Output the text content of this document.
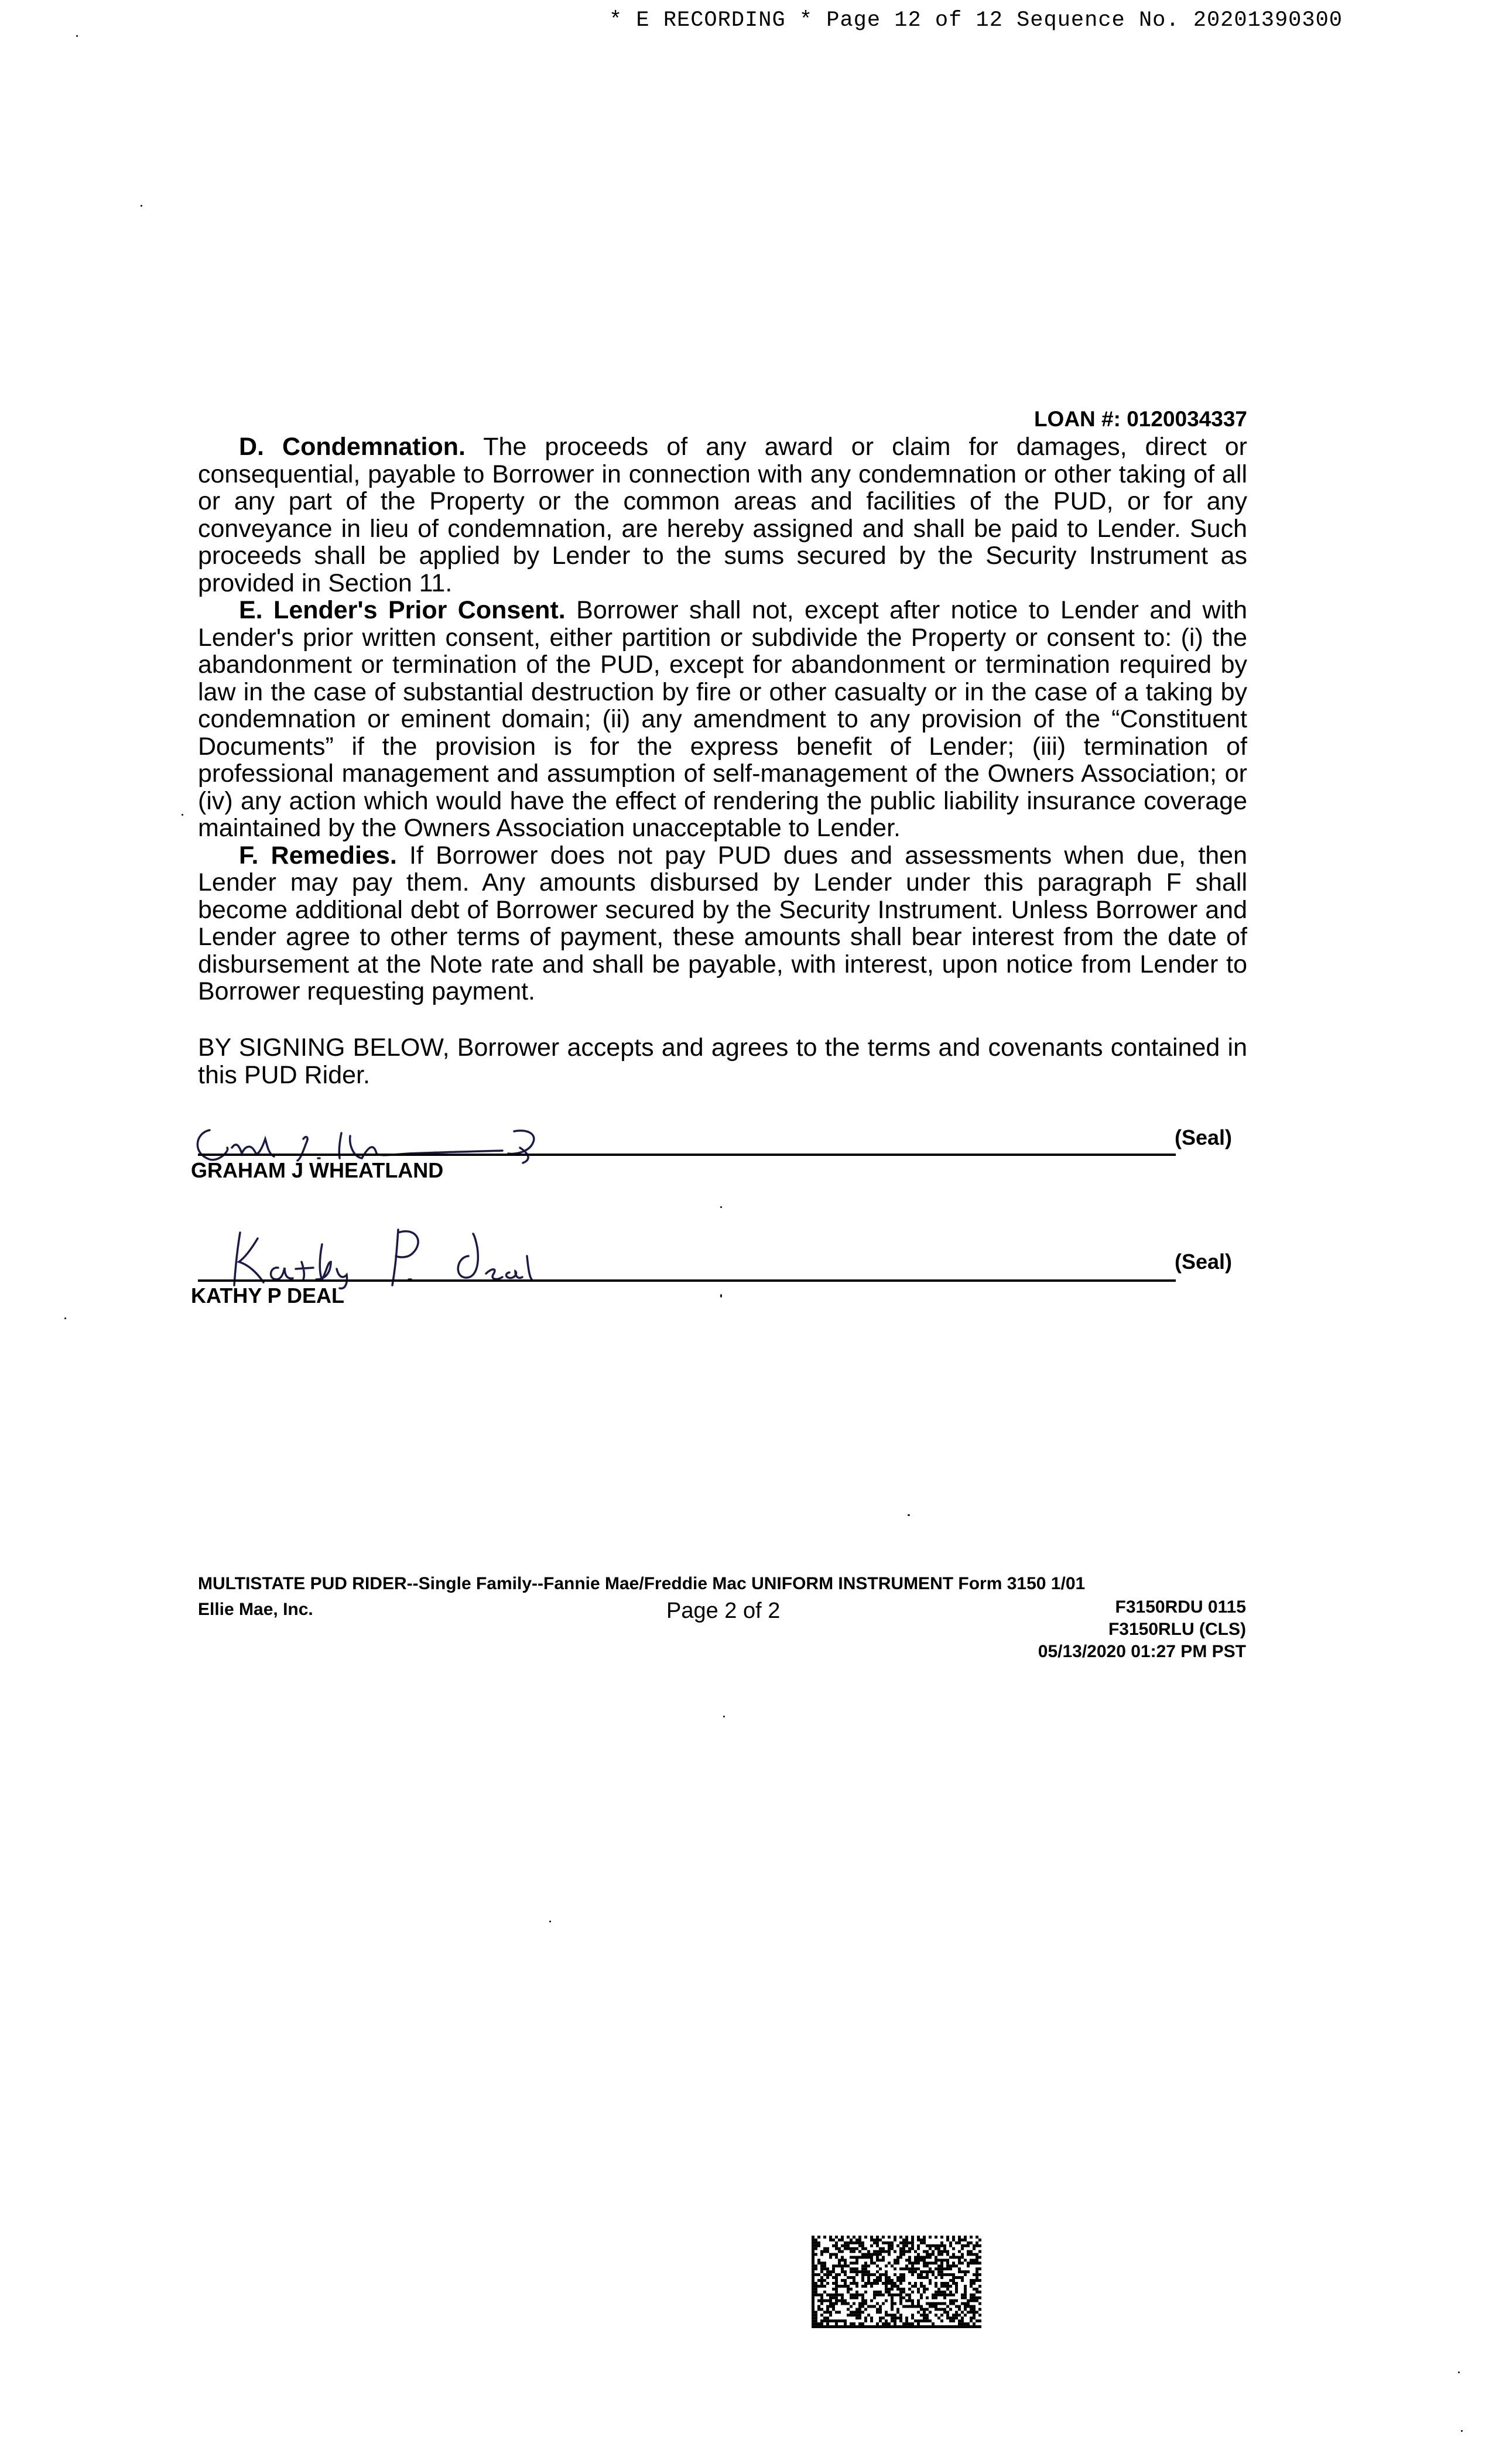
* E RECORDING * Page 12 of 12 Sequence No. 20201390300
LOAN #: 0120034337

D. Condemnation. The proceeds of any award or claim for damages, direct or consequential, payable to Borrower in connection with any condemnation or other taking of all or any part of the Property or the common areas and facilities of the PUD, or for any conveyance in lieu of condemnation, are hereby assigned and shall be paid to Lender. Such proceeds shall be applied by Lender to the sums secured by the Security Instrument as provided in Section 11.

E. Lender's Prior Consent. Borrower shall not, except after notice to Lender and with Lender's prior written consent, either partition or subdivide the Property or consent to: (i) the abandonment or termination of the PUD, except for abandonment or termination required by law in the case of substantial destruction by fire or other casualty or in the case of a taking by condemnation or eminent domain; (ii) any amendment to any provision of the “Constituent Documents” if the provision is for the express benefit of Lender; (iii) termination of professional management and assumption of self-management of the Owners Association; or (iv) any action which would have the effect of rendering the public liability insurance coverage maintained by the Owners Association unacceptable to Lender.

F. Remedies. If Borrower does not pay PUD dues and assessments when due, then Lender may pay them. Any amounts disbursed by Lender under this paragraph F shall become additional debt of Borrower secured by the Security Instrument. Unless Borrower and Lender agree to other terms of payment, these amounts shall bear interest from the date of disbursement at the Note rate and shall be payable, with interest, upon notice from Lender to Borrower requesting payment.

BY SIGNING BELOW, Borrower accepts and agrees to the terms and covenants contained in this PUD Rider.
(Seal)
GRAHAM J WHEATLAND
(Seal)
KATHY P DEAL
MULTISTATE PUD RIDER--Single Family--Fannie Mae/Freddie Mac UNIFORM INSTRUMENT Form 3150 1/01
Ellie Mae, Inc.	Page 2 of 2	F3150RDU 0115
F3150RLU (CLS)
05/13/2020 01:27 PM PST
